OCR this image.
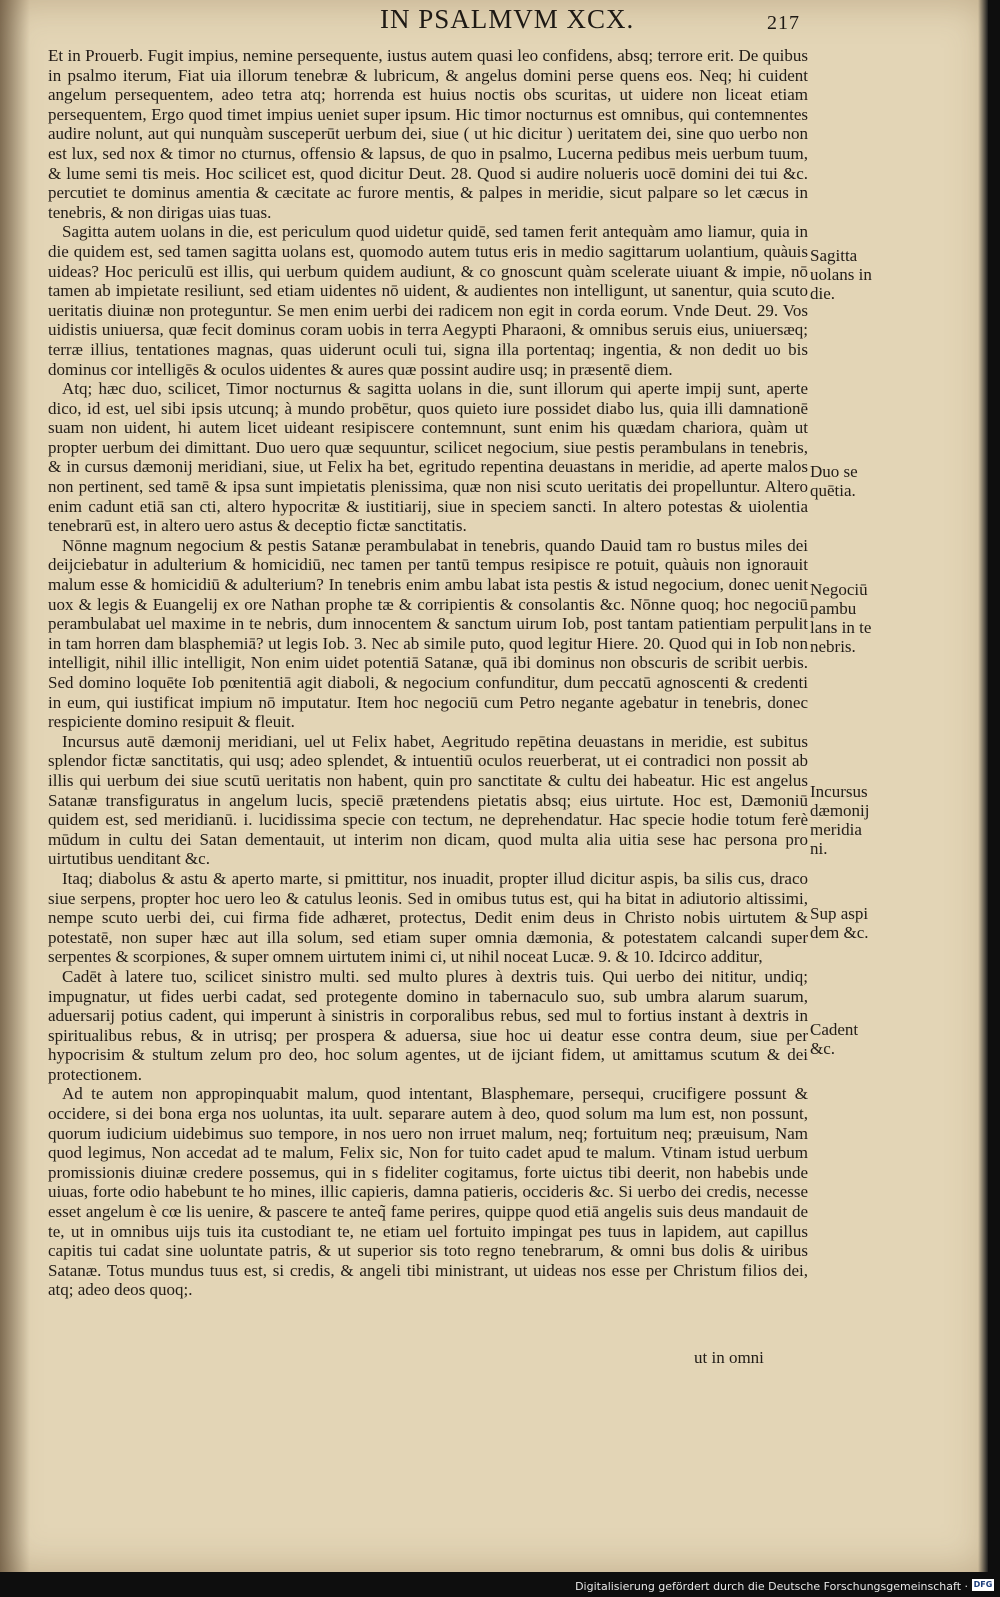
IN PSALMVM XCX.	217

Et in Prouerb. Fugit impius, nemine persequente, iustus autem quasi leo confidens, absq; terrore erit. De quibus in psalmo iterum, Fiat uia illorum tenebræ & lubricum, & angelus domini perse quens eos. Neq; hi cuident angelum persequentem, adeo tetra atq; horrenda est huius noctis obs scuritas, ut uidere non liceat etiam persequentem, Ergo quod timet impius ueniet super ipsum. Hic timor nocturnus est omnibus, qui contemnentes audire nolunt, aut qui nunquàm susceperūt uerbum dei, siue ( ut hic dicitur ) ueritatem dei, sine quo uerbo non est lux, sed nox & timor no cturnus, offensio & lapsus, de quo in psalmo, Lucerna pedibus meis uerbum tuum, & lume semi tis meis. Hoc scilicet est, quod dicitur Deut. 28. Quod si audire nolueris uocē domini dei tui &c. percutiet te dominus amentia & cæcitate ac furore mentis, & palpes in meridie, sicut palpare so let cæcus in tenebris, & non dirigas uias tuas.

Sagitta autem uolans in die, est periculum quod uidetur quidē, sed tamen ferit antequàm amo liamur, quia in die quidem est, sed tamen sagitta uolans est, quomodo autem tutus eris in medio sagittarum uolantium, quàuis uideas? Hoc periculū est illis, qui uerbum quidem audiunt, & co gnoscunt quàm scelerate uiuant & impie, nō tamen ab impietate resiliunt, sed etiam uidentes nō uident, & audientes non intelligunt, ut sanentur, quia scuto ueritatis diuinæ non proteguntur. Se men enim uerbi dei radicem non egit in corda eorum. Vnde Deut. 29. Vos uidistis uniuersa, quæ fecit dominus coram uobis in terra Aegypti Pharaoni, & omnibus seruis eius, uniuersæq; terræ illius, tentationes magnas, quas uiderunt oculi tui, signa illa portentaq; ingentia, & non dedit uo bis dominus cor intelligēs & oculos uidentes & aures quæ possint audire usq; in præsentē diem.

Atq; hæc duo, scilicet, Timor nocturnus & sagitta uolans in die, sunt illorum qui aperte impij sunt, aperte dico, id est, uel sibi ipsis utcunq; à mundo probētur, quos quieto iure possidet diabo lus, quia illi damnationē suam non uident, hi autem licet uideant resipiscere contemnunt, sunt enim his quædam chariora, quàm ut propter uerbum dei dimittant. Duo uero quæ sequuntur, scilicet negocium, siue pestis perambulans in tenebris, & in cursus dæmonij meridiani, siue, ut Felix ha bet, egritudo repentina deuastans in meridie, ad aperte malos non pertinent, sed tamē & ipsa sunt impietatis plenissima, quæ non nisi scuto ueritatis dei propelluntur. Altero enim cadunt etiā san cti, altero hypocritæ & iustitiarij, siue in speciem sancti. In altero potestas & uiolentia tenebrarū est, in altero uero astus & deceptio fictæ sanctitatis.

Nōnne magnum negocium & pestis Satanæ perambulabat in tenebris, quando Dauid tam ro bustus miles dei deijciebatur in adulterium & homicidiū, nec tamen per tantū tempus resipisce re potuit, quàuis non ignorauit malum esse & homicidiū & adulterium? In tenebris enim ambu labat ista pestis & istud negocium, donec uenit uox & legis & Euangelij ex ore Nathan prophe tæ & corripientis & consolantis &c. Nōnne quoq; hoc negociū perambulabat uel maxime in te nebris, dum innocentem & sanctum uirum Iob, post tantam patientiam perpulit in tam horren dam blasphemiā? ut legis Iob. 3. Nec ab simile puto, quod legitur Hiere. 20. Quod qui in Iob non intelligit, nihil illic intelligit, Non enim uidet potentiā Satanæ, quā ibi dominus non obscuris de scribit uerbis. Sed domino loquēte Iob pœnitentiā agit diaboli, & negocium confunditur, dum peccatū agnoscenti & credenti in eum, qui iustificat impium nō imputatur. Item hoc negociū cum Petro negante agebatur in tenebris, donec respiciente domino resipuit & fleuit.

Incursus autē dæmonij meridiani, uel ut Felix habet, Aegritudo repētina deuastans in meridie, est subitus splendor fictæ sanctitatis, qui usq; adeo splendet, & intuentiū oculos reuerberat, ut ei contradici non possit ab illis qui uerbum dei siue scutū ueritatis non habent, quin pro sanctitate & cultu dei habeatur. Hic est angelus Satanæ transfiguratus in angelum lucis, speciē prætendens pietatis absq; eius uirtute. Hoc est, Dæmoniū quidem est, sed meridianū. i. lucidissima specie con tectum, ne deprehendatur. Hac specie hodie totum ferè mūdum in cultu dei Satan dementauit, ut interim non dicam, quod multa alia uitia sese hac persona pro uirtutibus uenditant &c.

Itaq; diabolus & astu & aperto marte, si pmittitur, nos inuadit, propter illud dicitur aspis, ba silis cus, draco siue serpens, propter hoc uero leo & catulus leonis. Sed in omibus tutus est, qui ha bitat in adiutorio altissimi, nempe scuto uerbi dei, cui firma fide adhæret, protectus, Dedit enim deus in Christo nobis uirtutem & potestatē, non super hæc aut illa solum, sed etiam super omnia dæmonia, & potestatem calcandi super serpentes & scorpiones, & super omnem uirtutem inimi ci, ut nihil noceat Lucæ. 9. & 10. Idcirco additur,

Cadēt à latere tuo, scilicet sinistro multi. sed multo plures à dextris tuis. Qui uerbo dei nititur, undiq; impugnatur, ut fides uerbi cadat, sed protegente domino in tabernaculo suo, sub umbra alarum suarum, aduersarij potius cadent, qui imperunt à sinistris in corporalibus rebus, sed mul to fortius instant à dextris in spiritualibus rebus, & in utrisq; per prospera & aduersa, siue hoc ui deatur esse contra deum, siue per hypocrisim & stultum zelum pro deo, hoc solum agentes, ut de ijciant fidem, ut amittamus scutum & dei protectionem.

Ad te autem non appropinquabit malum, quod intentant, Blasphemare, persequi, crucifigere possunt & occidere, si dei bona erga nos uoluntas, ita uult. separare autem à deo, quod solum ma lum est, non possunt, quorum iudicium uidebimus suo tempore, in nos uero non irruet malum, neq; fortuitum neq; præuisum, Nam quod legimus, Non accedat ad te malum, Felix sic, Non for tuito cadet apud te malum. Vtinam istud uerbum promissionis diuinæ credere possemus, qui in s fideliter cogitamus, forte uictus tibi deerit, non habebis unde uiuas, forte odio habebunt te ho mines, illic capieris, damna patieris, occideris &c. Si uerbo dei credis, necesse esset angelum è cœ lis uenire, & pascere te anteq̃ fame perires, quippe quod etiā angelis suis deus mandauit de te, ut in omnibus uijs tuis ita custodiant te, ne etiam uel fortuito impingat pes tuus in lapidem, aut capillus capitis tui cadat sine uoluntate patris, & ut superior sis toto regno tenebrarum, & omni bus dolis & uiribus Satanæ. Totus mundus tuus est, si credis, & angeli tibi ministrant, ut uideas nos esse per Christum filios dei, atq; adeo deos quoq;.

Sagitta uolans in die.
Duo se quētia.
Negociū pambu lans in te nebris.
Incursus dæmonij meridia ni.
Sup aspi dem &c.
Cadent &c.
ut in omni
Digitalisierung gefördert durch die Deutsche Forschungsgemeinschaft · DFG
